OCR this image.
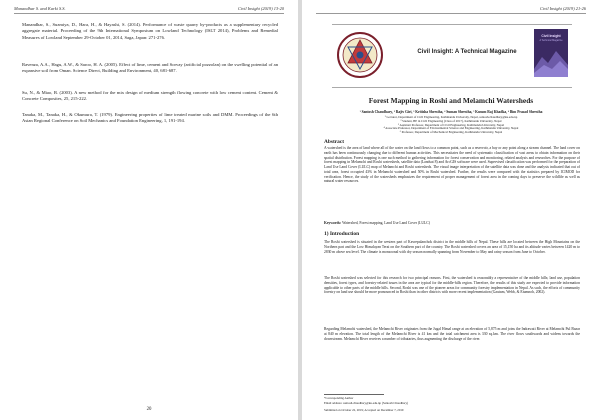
Manandhar S. and Karki S.S.	Civil Insight (2019) 13-20
Manandhar, S., Suzmiya, D., Hara, H., & Hayashi, S. (2014). Performance of waste quarry by-products as a supplementary recycled aggregate material. Proceeding of the 9th International Symposium on Lowland Technology (ISLT 2014), Problems and Remedial Measures of Lowland September 29-October 01, 2014, Saga, Japan: 271-276.
Ravenza, A.A., Hagu, A.W., & Saroo, H. A. (2005). Effect of lime, cement and Sorvay (artificial pozzolan) on the swelling potential of an expansive soil from Oman. Science Direct, Building and Environment, 40, 681-687.
Su, N., & Miao, B. (2003). A new method for the mix design of medium strength flowing concrete with low cement content. Cement & Concrete Composites, 25, 215-222.
Tanaka, M., Tanaka, H., & Okumura, T. (1979). Engineering properties of lime treated marine soils and DMM. Proceedings of the 6th Asian Regional Conference on Soil Mechanics and Foundation Engineering, 1, 191-194.
20
Civil Insight (2019) 21-26
Civil Insight: A Technical Magazine
Civil Insight
A Technical Magazine
Forest Mapping in Roshi and Melamchi Watersheds
¹ Santosh Chaudhary, ² Rajiv Giri, ³ Kritisha Shrestha, ⁴ Suman Shrestha, ⁵ Kusum Raj Khadka, ⁶ Bim Prasad Shrestha
¹ Lecturer, Department of Civil Engineering, Kathmandu University, Nepal, santosh.chaudhary@ku.edu.np
² Student, BE in Civil Engineering (Class of 2017), Kathmandu University, Nepal
³ Assistant Professor, Department of Civil Engineering, Kathmandu University, Nepal
⁴ Associate Professor, Department of Environmental Science and Engineering, Kathmandu University, Nepal
⁶ Professor, Department of Mechanical Engineering, Kathmandu University, Nepal
Abstract
A watershed is the area of land where all of the water on the land flows to a common point, such as a reservoir, a bay or any point along a stream channel. The land cover on earth has been continuously changing due to different human activities. This necessitates the need of systematic classification of vast areas to obtain information on their spatial distribution. Forest mapping is one such method to gathering information for forest conservation and monitoring, related analysis and researches. For the purpose of forest mapping in Melamchi and Roshi watersheds, satellite data (Landsat 8) and ArcGIS software were used. Supervised classification was performed for the preparation of Land Use Land Cover (LULC) map of Melamchi and Roshi watersheds. The visual image interpretation of the satellite data was done and the analysis indicated that out of total area, forest occupied 43% in Melamchi watershed and 50% in Roshi watershed. Further, the results were compared with the statistics prepared by ICIMOD for verification. Hence, the study of the watersheds emphasizes the requirement of proper management of forest area in the coming days to preserve the wildlife as well as natural water resources.
Keywords: Watershed, Forest mapping, Land Use Land Cover (LULC)
1) Introduction
The Roshi watershed is situated in the western part of Kavrepalanchok district in the middle hills of Nepal. These hills are located between the High Mountains on the Northern part and the Low Himalayan Terai on the Southern part of the country. The Roshi watershed covers an area of 15,150 ha and its altitude varies between 1420 m to 2830 m above sea level. The climate is monsoonal with dry season normally spanning from November to May and rainy season from June to October.
The Roshi watershed was selected for this research for two principal reasons. First, the watershed is reasonably a representative of the middle hills; land use, population densities, forest types, and forestry-related issues in the area are typical for the middle-hills region. Therefore, the results of this study are expected to provide information applicable to other parts of the middle hills. Second, Roshi was one of the pioneer areas for community forestry implementation in Nepal. As such, the efforts of community forestry on land use should be more pronounced in Roshi than in other districts with more recent implementation (Gautam, Webb, & Eiumnoh, 2002).
Regarding Melamchi watershed, the Melamchi River originates from the Jugal Himal range at an elevation of 5,875 m and joins the Indrawati River at Melamchi Pul Bazar at 840 m elevation. The total length of the Melamchi River is 41 km and the total catchment area is 330 sq.km. The river flows southwards and widens towards the downstream. Melamchi River receives a number of tributaries, thus augmenting the discharge of the river.
*Corresponding Author
Email address: santosh.chaudhary@ku.edu.np (Santosh Chaudhary)
Submitted on October 22, 2019; Accepted on December 7, 2019
